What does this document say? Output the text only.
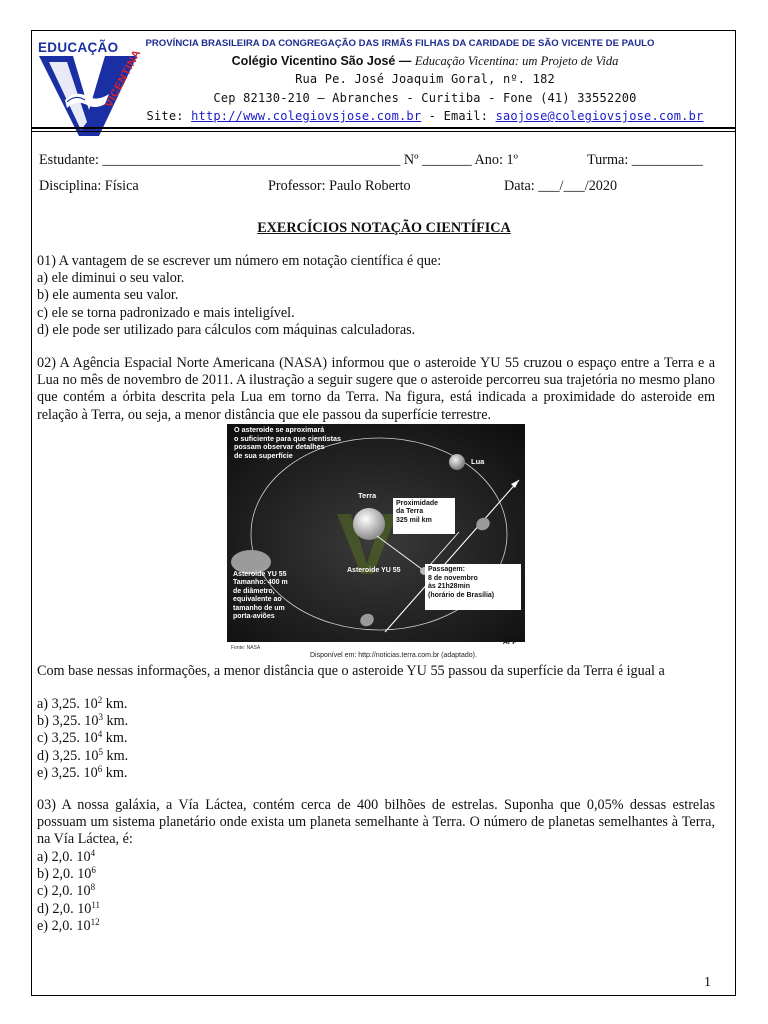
EDUCAÇÃO
VICENTINA
PROVÍNCIA BRASILEIRA DA CONGREGAÇÃO DAS IRMÃS FILHAS DA CARIDADE DE SÃO VICENTE DE PAULO
Colégio Vicentino São José — Educação Vicentina: um Projeto de Vida
Rua Pe. José Joaquim Goral, nº. 182
Cep 82130-210 – Abranches - Curitiba - Fone (41) 33552200
Site: http://www.colegiovsjose.com.br - Email: saojose@colegiovsjose.com.br
Estudante: __________________________________________ Nº _______ Ano: 1º	Turma: __________
Disciplina: Física	Professor: Paulo Roberto	Data: ___/___/2020
EXERCÍCIOS NOTAÇÃO CIENTÍFICA

01) A vantagem de se escrever um número em notação científica é que:

a) ele diminui o seu valor.

b) ele aumenta seu valor.

c) ele se torna padronizado e mais inteligível.

d) ele pode ser utilizado para cálculos com máquinas calculadoras.

02) A Agência Espacial Norte Americana (NASA) informou que o asteroide YU 55 cruzou o espaço entre a Terra e a Lua no mês de novembro de 2011. A ilustração a seguir sugere que o asteroide percorreu sua trajetória no mesmo plano que contém a órbita descrita pela Lua em torno da Terra. Na figura, está indicada a proximidade do asteroide em relação à Terra, ou seja, a menor distância que ele passou da superfície terrestre.
O asteroide se aproximará
o suficiente para que cientistas
possam observar detalhes
de sua superfície
Lua
Terra
Proximidade
da Terra
325 mil km
Asteroide YU 55
Asteroide YU 55
Tamanho: 400 m
de diâmetro,
equivalente ao
tamanho de um
porta-aviões
Passagem:
8 de novembro
às 21h28min
(horário de Brasília)
Fonte: NASA
AFP
Disponível em: http://noticias.terra.com.br (adaptado).

Com base nessas informações, a menor distância que o asteroide YU 55 passou da superfície da Terra é igual a

a) 3,25. $10^2$ km.

b) 3,25. $10^3$ km.

c) 3,25. $10^4$ km.

d) 3,25. $10^5$ km.

e) 3,25. $10^6$ km.

03) A nossa galáxia, a Vía Láctea, contém cerca de 400 bilhões de estrelas. Suponha que 0,05% dessas estrelas possuam um sistema planetário onde exista um planeta semelhante à Terra. O número de planetas semelhantes à Terra, na Vía Láctea, é:

a) 2,0. $10^4$

b) 2,0. $10^6$

c) 2,0. $10^8$

d) 2,0. $10^{11}$

e) 2,0. $10^{12}$

1
